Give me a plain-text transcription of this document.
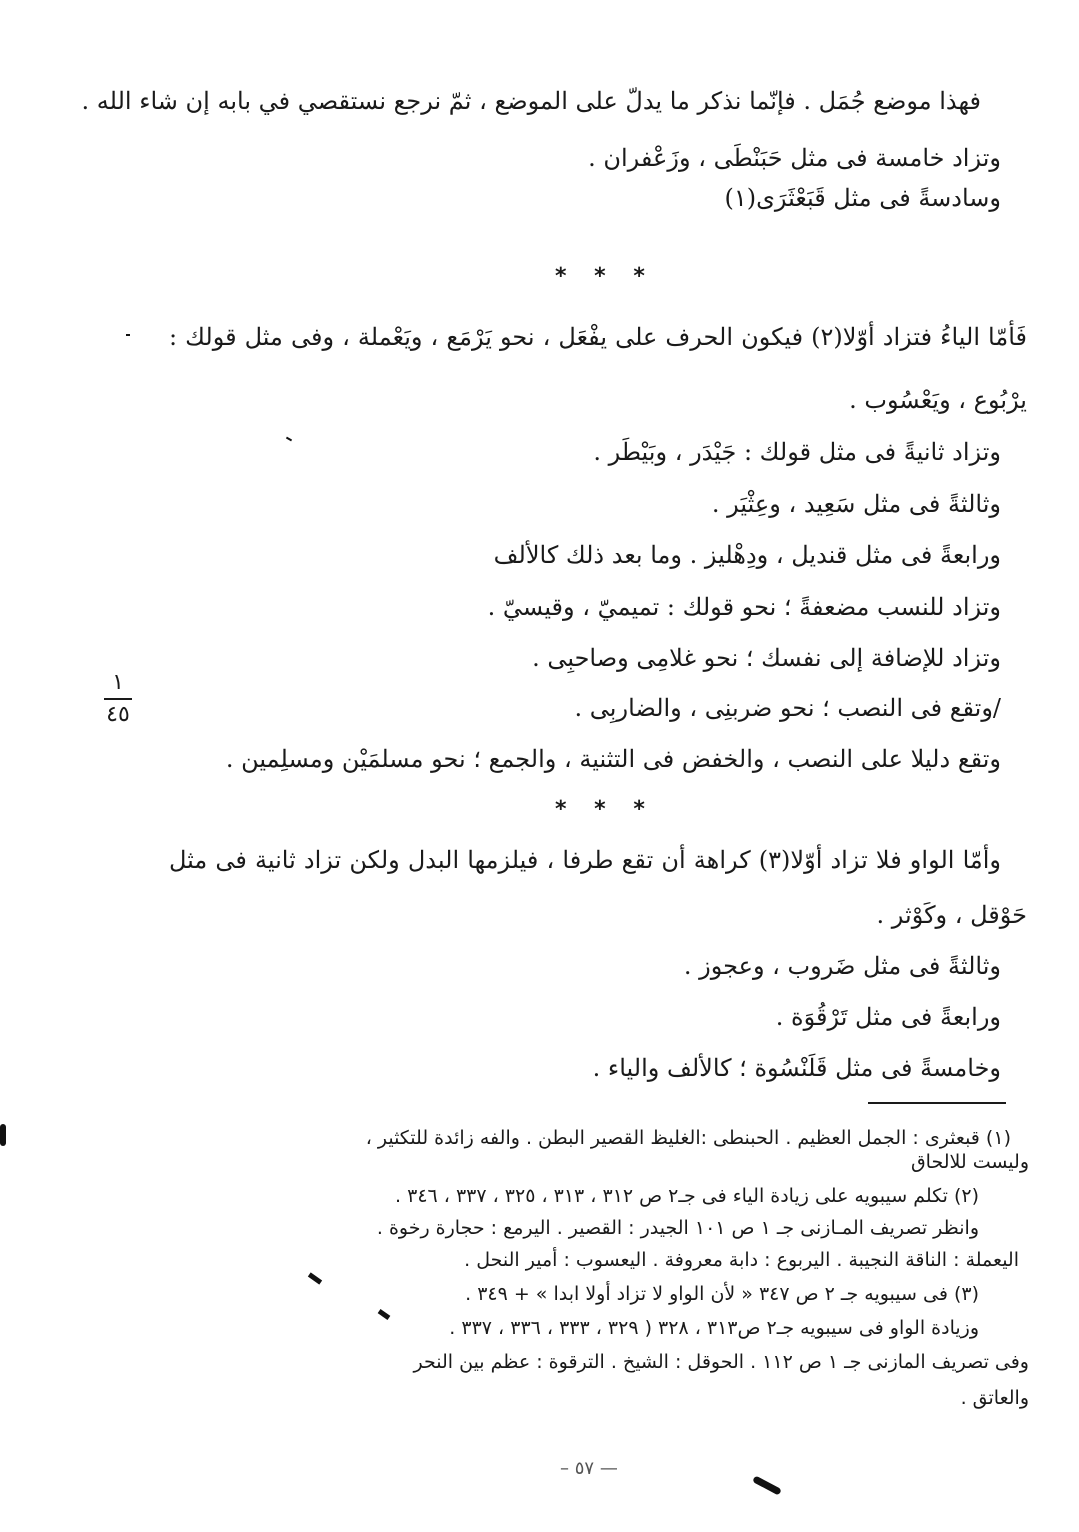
فهذا موضع جُمَل . فإنّما نذكر ما يدلّ على الموضع ، ثمّ نرجع نستقصي في بابه إن شاء الله .
وتزاد خامسة فى مثل حَبَنْطَى ، وزَعْفران .
وسادسةً فى مثل قَبَعْثَرَى(١)
* * *
فَأمّا الياءُ فتزاد أوّلا(٢) فيكون الحرف على يفْعَل ، نحو يَرْمَع ، ويَعْملة ، وفى مثل قولك :
يرْبُوع ، ويَعْسُوب .
وتزاد ثانيةً فى مثل قولك : جَيْدَر ، وبَيْطَر .
وثالثةً فى مثل سَعِيد ، وعِثْيَر .
ورابعةً فى مثل قنديل ، ودِهْليز . وما بعد ذلك كالألف
وتزاد للنسب مضعفةً ؛ نحو قولك : تميميّ ، وقيسيّ .
وتزاد للإضافة إلى نفسك ؛ نحو غلامِى وصاحبِى .
/وتقع فى النصب ؛ نحو ضربنِى ، والضاربِى .
وتقع دليلا على النصب ، والخفض فى التثنية ، والجمع ؛ نحو مسلمَيْن ومسلِمين .
* * *
وأمّا الواو فلا تزاد أوّلا(٣) كراهة أن تقع طرفا ، فيلزمها البدل ولكن تزاد ثانية فى مثل
حَوْقل ، وكَوْثر .
وثالثةً فى مثل ضَروب ، وعجوز .
ورابعةً فى مثل تَرْقُوَة .
وخامسةً فى مثل قَلَنْسُوة ؛ كالألف والياء .
١
٤٥
(١) قبعثرى : الجمل العظيم . الحبنطى :الغليظ القصير البطن . والفه زائدة للتكثير ،
وليست للالحاق
(٢) تكلم سيبويه على زيادة الياء فى جـ٢ ص ٣١٢ ، ٣١٣ ، ٣٢٥ ، ٣٣٧ ، ٣٤٦ .
وانظر تصريف المـازنى جـ ١ ص ١٠١ الجيدر : القصير . اليرمع : حجارة رخوة .
اليعملة : الناقة النجيبة . اليربوع : دابة معروفة . اليعسوب : أمير النحل .
(٣) فى سيبويه جـ ٢ ص ٣٤٧ « لأن الواو لا تزاد أولا ابدا » + ٣٤٩ .
وزيادة الواو فى سيبويه جـ٢ ص٣١٣ ، ٣٢٨ ( ٣٢٩ ، ٣٣٣ ، ٣٣٦ ، ٣٣٧ .
وفى تصريف المازنى جـ ١ ص ١١٢ . الحوقل : الشيخ . الترقوة : عظم بين النحر
والعاتق .
– ٥٧ —
